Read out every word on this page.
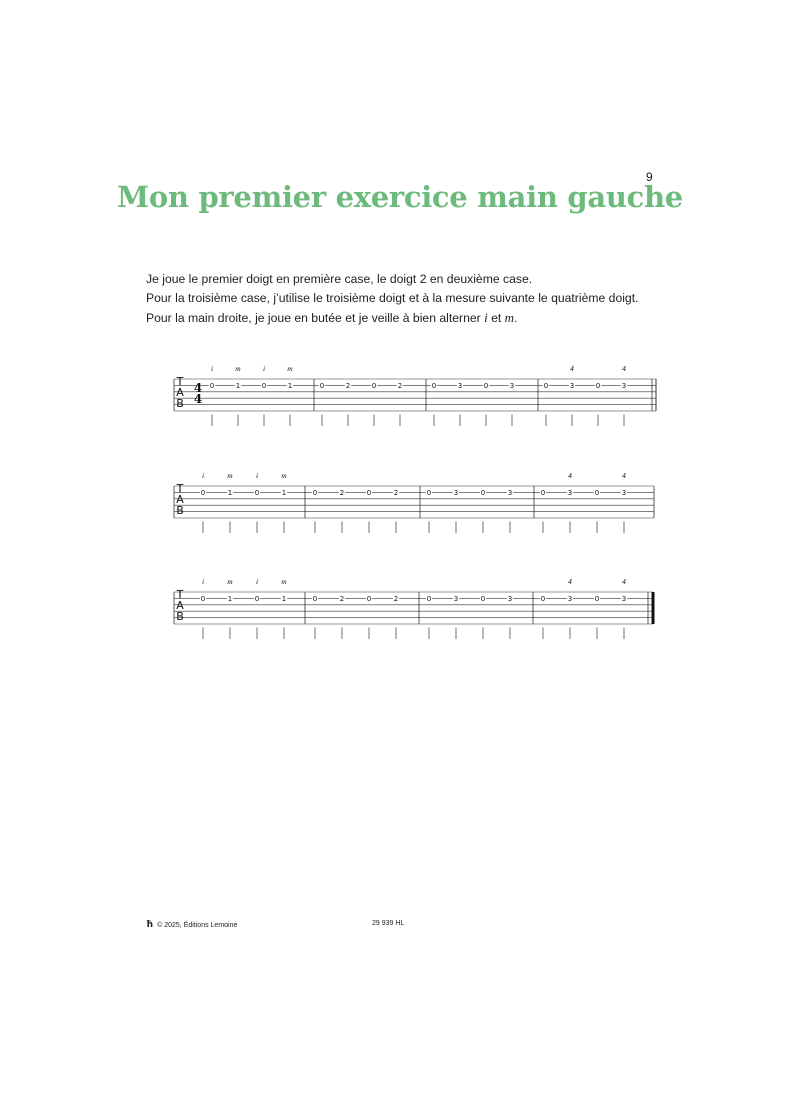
9
Mon premier exercice main gauche

Je joue le premier doigt en première case, le doigt 2 en deuxième case.

Pour la troisième case, j’utilise le troisième doigt et à la mesure suivante le quatrième doigt.

Pour la main droite, je joue en butée et je veille à bien alterner i et m.

T
A
B
4
4
0
i
1
m
0
i
1
m
0	2	0	2	0	3	0	3	0	3
4
0	3
4
T
A
B
0
i
1
m
0
i
1
m
0	2	0	2	0	3	0	3	0	3
4
0	3
4
T
A
B
0
i
1
m
0
i
1
m
0	2	0	2	0	3	0	3	0	3
4
0	3
4
ħ © 2025, Éditions Lemoine	29 939 HL
